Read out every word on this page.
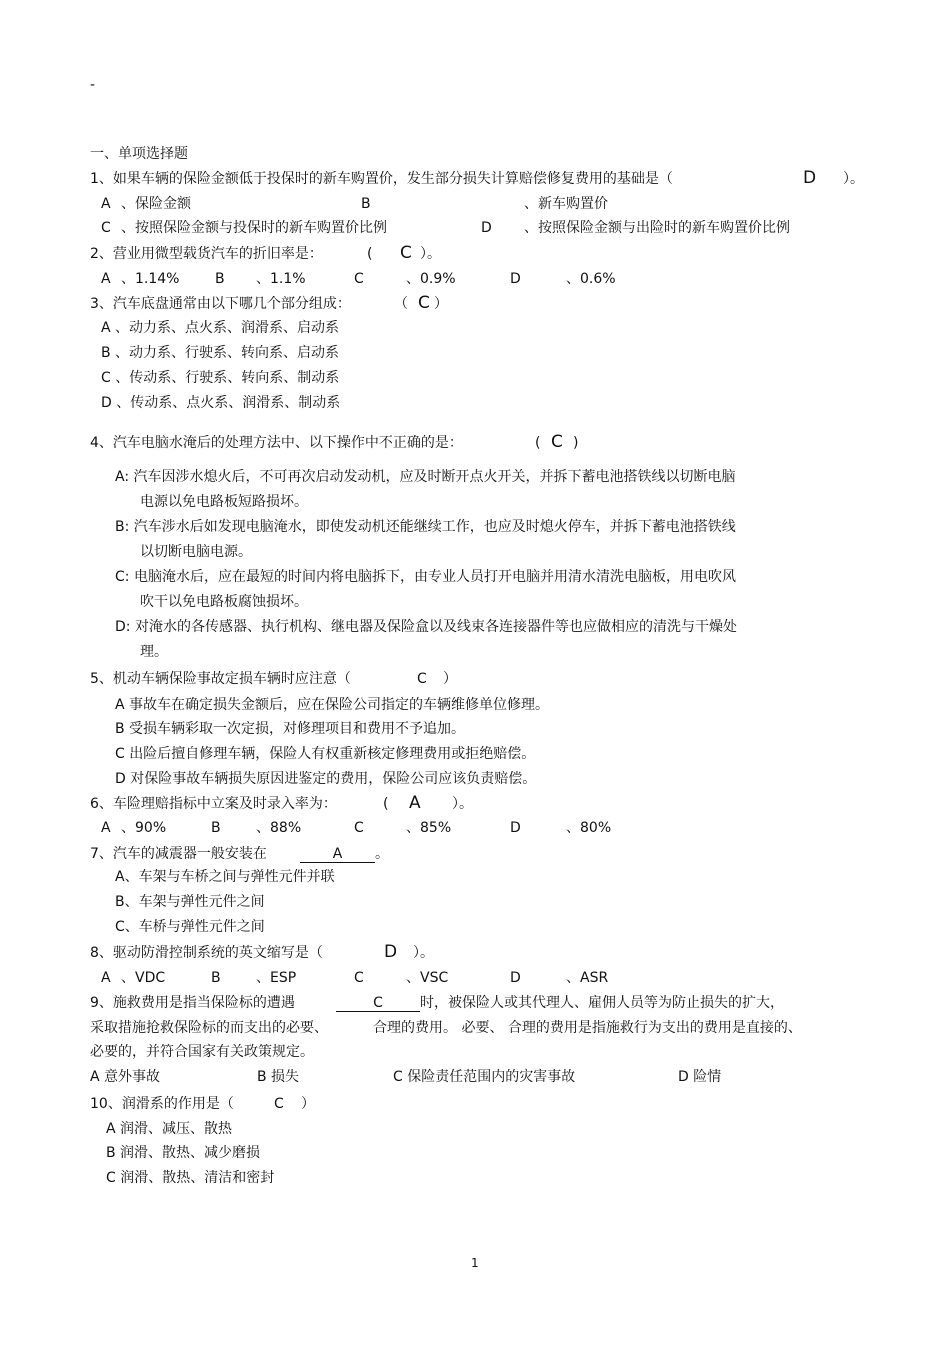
-
一、单项选择题
1、如果车辆的保险金额低于投保时的新车购置价，发生部分损失计算赔偿修复费用的基础是（	D ）。
A 、保险金额	B	、新车购置价
C 、按照保险金额与投保时的新车购置价比例	D 、按照保险金额与出险时的新车购置价比例
2、营业用微型载货汽车的折旧率是：	( C ）。
A 、1.14%	B 、1.1%	C	、0.9%	D	、0.6%
3、汽车底盘通常由以下哪几个部分组成：	（ C ）
A 、动力系、点火系、润滑系、启动系
B 、动力系、行驶系、转向系、启动系
C 、传动系、行驶系、转向系、制动系
D 、传动系、点火系、润滑系、制动系
4、汽车电脑水淹后的处理方法中、以下操作中不正确的是：	( C )
A: 汽车因涉水熄火后，不可再次启动发动机，应及时断开点火开关，并拆下蓄电池搭铁线以切断电脑
电源以免电路板短路损坏。
B: 汽车涉水后如发现电脑淹水，即使发动机还能继续工作，也应及时熄火停车，并拆下蓄电池搭铁线
以切断电脑电源。
C: 电脑淹水后，应在最短的时间内将电脑拆下，由专业人员打开电脑并用清水清洗电脑板，用电吹风
吹干以免电路板腐蚀损坏。
D: 对淹水的各传感器、执行机构、继电器及保险盒以及线束各连接器件等也应做相应的清洗与干燥处
理。
5、机动车辆保险事故定损车辆时应注意（	C ）
A 事故车在确定损失金额后，应在保险公司指定的车辆维修单位修理。
B 受损车辆彩取一次定损，对修理项目和费用不予追加。
C 出险后擅自修理车辆，保险人有权重新核定修理费用或拒绝赔偿。
D 对保险事故车辆损失原因进鉴定的费用，保险公司应该负责赔偿。
6、车险理赔指标中立案及时录入率为：	( A ）。
A 、90%	B	、88%	C	、85%	D	、80%
7、汽车的减震器一般安装在	A	。
A、车架与车桥之间与弹性元件并联
B、车架与弹性元件之间
C、车桥与弹性元件之间
8、驱动防滑控制系统的英文缩写是（	D ）。
A 、VDC	B	、ESP	C	、VSC	D	、ASR
9、施救费用是指当保险标的遭遇	C	时，被保险人或其代理人、雇佣人员等为防止损失的扩大，
采取措施抢救保险标的而支出的必要、	合理的费用。 必要、 合理的费用是指施救行为支出的费用是直接的、
必要的，并符合国家有关政策规定。
A 意外事故	B 损失	C 保险责任范围内的灾害事故	D 险情
10、润滑系的作用是（	C ）
A 润滑、减压、散热
B 润滑、散热、减少磨损
C 润滑、散热、清洁和密封
1
